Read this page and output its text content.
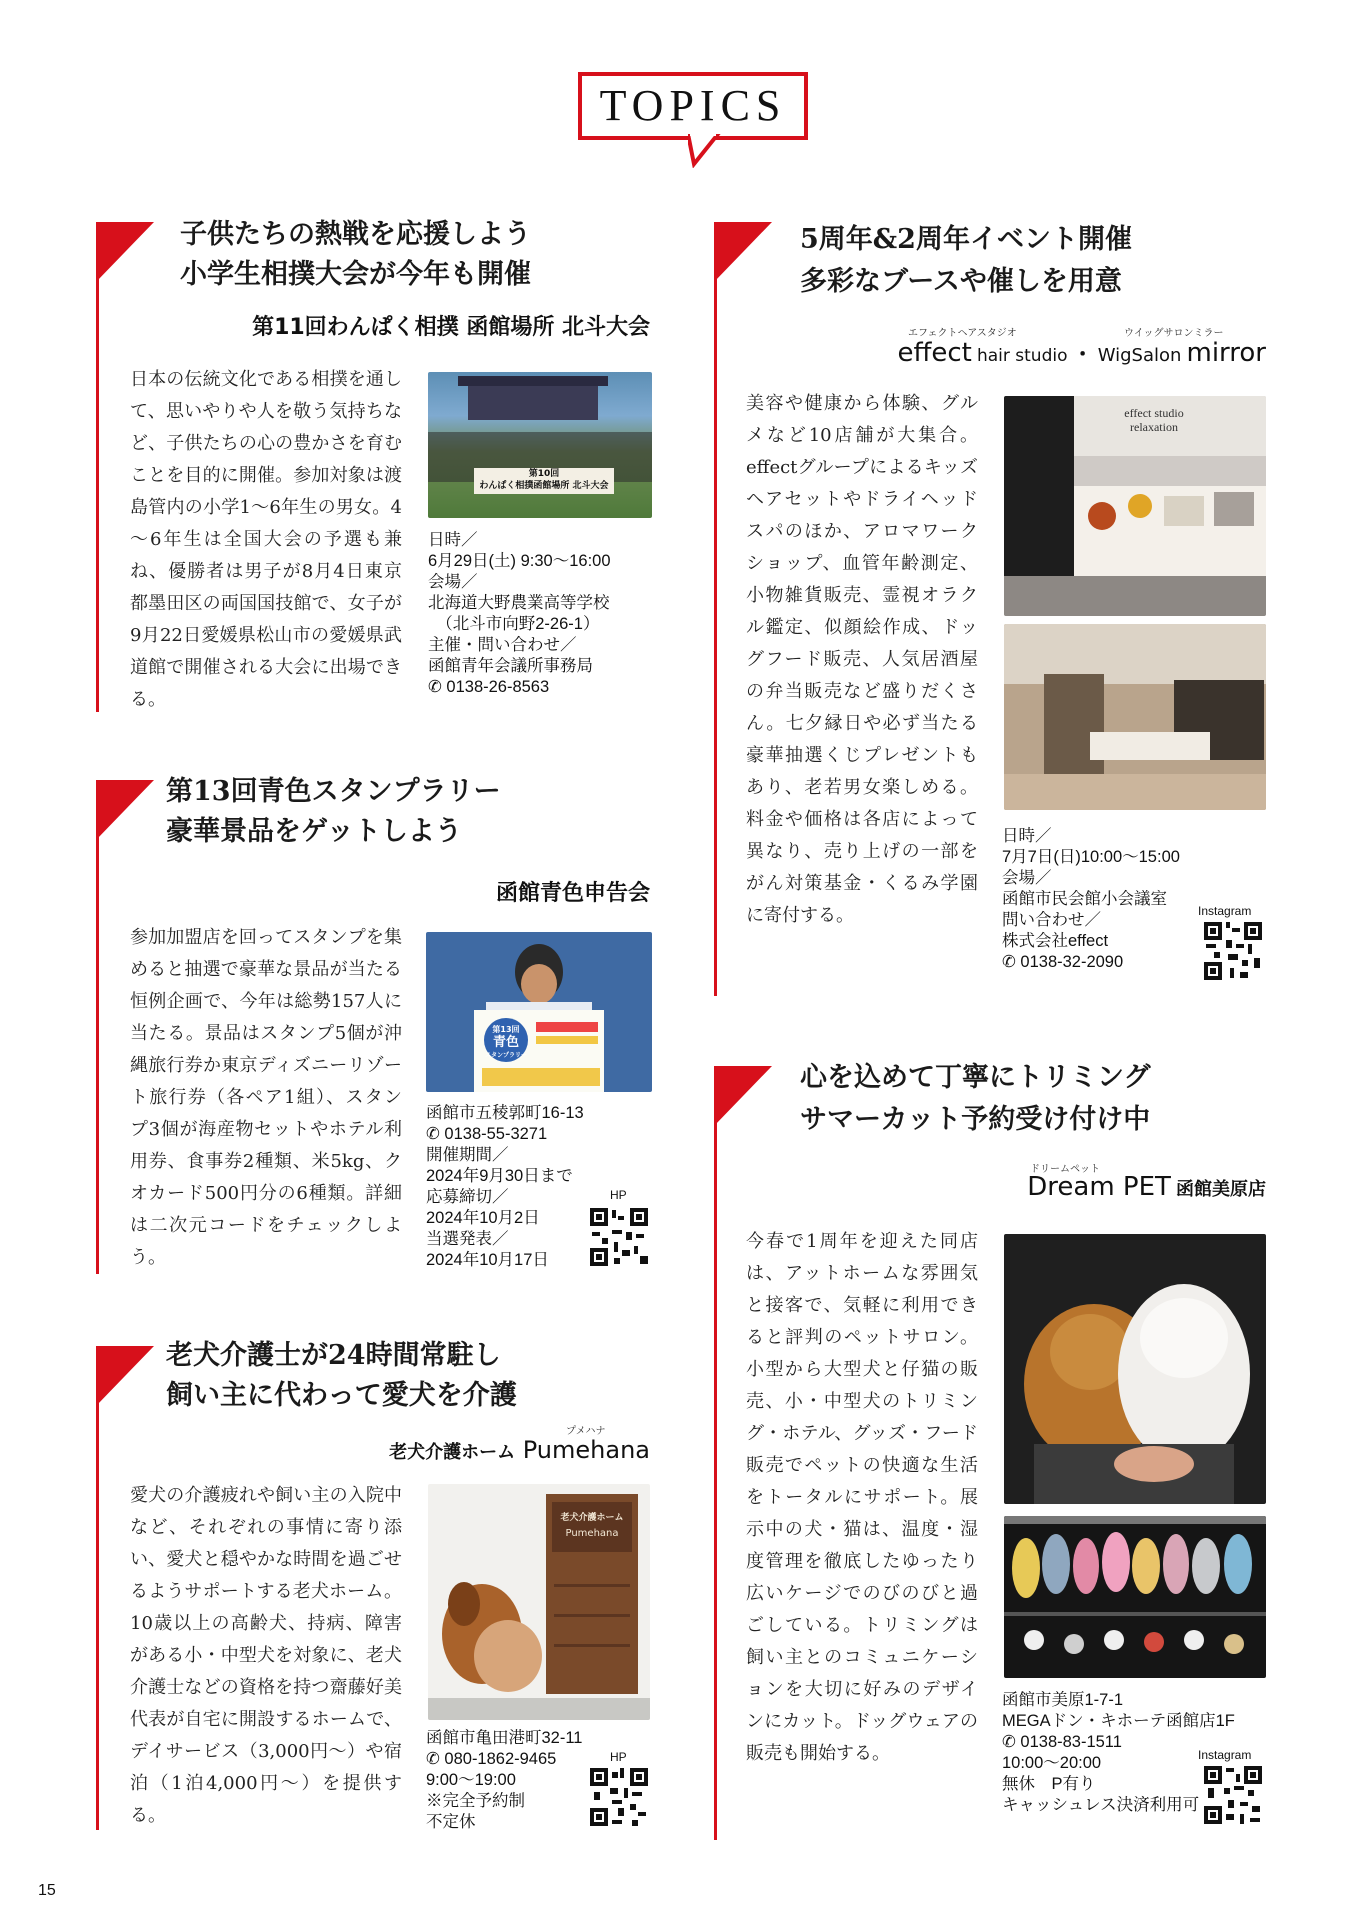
TOPICS
子供たちの熱戦を応援しよう
小学生相撲大会が今年も開催
第11回わんぱく相撲 函館場所 北斗大会
日本の伝統文化である相撲を通して、思いやりや人を敬う気持ちなど、子供たちの心の豊かさを育むことを目的に開催。参加対象は渡島管内の小学1～6年生の男女。4～6年生は全国大会の予選も兼ね、優勝者は男子が8月4日東京都墨田区の両国国技館で、女子が9月22日愛媛県松山市の愛媛県武道館で開催される大会に出場できる。
第10回
わんぱく相撲函館場所 北斗大会
日時／
6月29日(土) 9:30～16:00
会場／
北海道大野農業高等学校
　（北斗市向野2-26-1）
主催・問い合わせ／
函館青年会議所事務局
✆ 0138-26-8563
第13回青色スタンプラリー
豪華景品をゲットしよう
函館青色申告会
参加加盟店を回ってスタンプを集めると抽選で豪華な景品が当たる恒例企画で、今年は総勢157人に当たる。景品はスタンプ5個が沖縄旅行券か東京ディズニーリゾート旅行券（各ペア1組）、スタンプ3個が海産物セットやホテル利用券、食事券2種類、米5kg、クオカード500円分の6種類。詳細は二次元コードをチェックしよう。
第13回
青色
スタンプラリー
函館市五稜郭町16-13
✆ 0138-55-3271
開催期間／
2024年9月30日まで
応募締切／
2024年10月2日
当選発表／
2024年10月17日
HP
老犬介護士が24時間常駐し
飼い主に代わって愛犬を介護
プメハナ
老犬介護ホーム Pumehana
愛犬の介護疲れや飼い主の入院中など、それぞれの事情に寄り添い、愛犬と穏やかな時間を過ごせるようサポートする老犬ホーム。10歳以上の高齢犬、持病、障害がある小・中型犬を対象に、老犬介護士などの資格を持つ齋藤好美代表が自宅に開設するホームで、デイサービス（3,000円～）や宿泊（1泊4,000円～）を提供する。
老犬介護ホーム
Pumehana
函館市亀田港町32-11
✆ 080-1862-9465
9:00～19:00
※完全予約制
不定休
HP
5周年&2周年イベント開催
多彩なブースや催しを用意
エフェクトヘアスタジオ	ウイッグサロンミラー
effect hair studio ・ WigSalon mirror
美容や健康から体験、グルメなど10店舗が大集合。effectグループによるキッズヘアセットやドライヘッドスパのほか、アロマワークショップ、血管年齢測定、小物雑貨販売、霊視オラクル鑑定、似顔絵作成、ドッグフード販売、人気居酒屋の弁当販売など盛りだくさん。七夕縁日や必ず当たる豪華抽選くじプレゼントもあり、老若男女楽しめる。料金や価格は各店によって異なり、売り上げの一部をがん対策基金・くるみ学園に寄付する。
effect studio
relaxation
日時／
7月7日(日)10:00～15:00
会場／
函館市民会館小会議室
問い合わせ／
株式会社effect
✆ 0138-32-2090
Instagram
心を込めて丁寧にトリミング
サマーカット予約受け付け中
ドリームペット
Dream PET 函館美原店
今春で1周年を迎えた同店は、アットホームな雰囲気と接客で、気軽に利用できると評判のペットサロン。小型から大型犬と仔猫の販売、小・中型犬のトリミング・ホテル、グッズ・フード販売でペットの快適な生活をトータルにサポート。展示中の犬・猫は、温度・湿度管理を徹底したゆったり広いケージでのびのびと過ごしている。トリミングは飼い主とのコミュニケーションを大切に好みのデザインにカット。ドッグウェアの販売も開始する。
函館市美原1-7-1
MEGAドン・キホーテ函館店1F
✆ 0138-83-1511
10:00～20:00
無休　P有り
キャッシュレス決済利用可
Instagram
15
